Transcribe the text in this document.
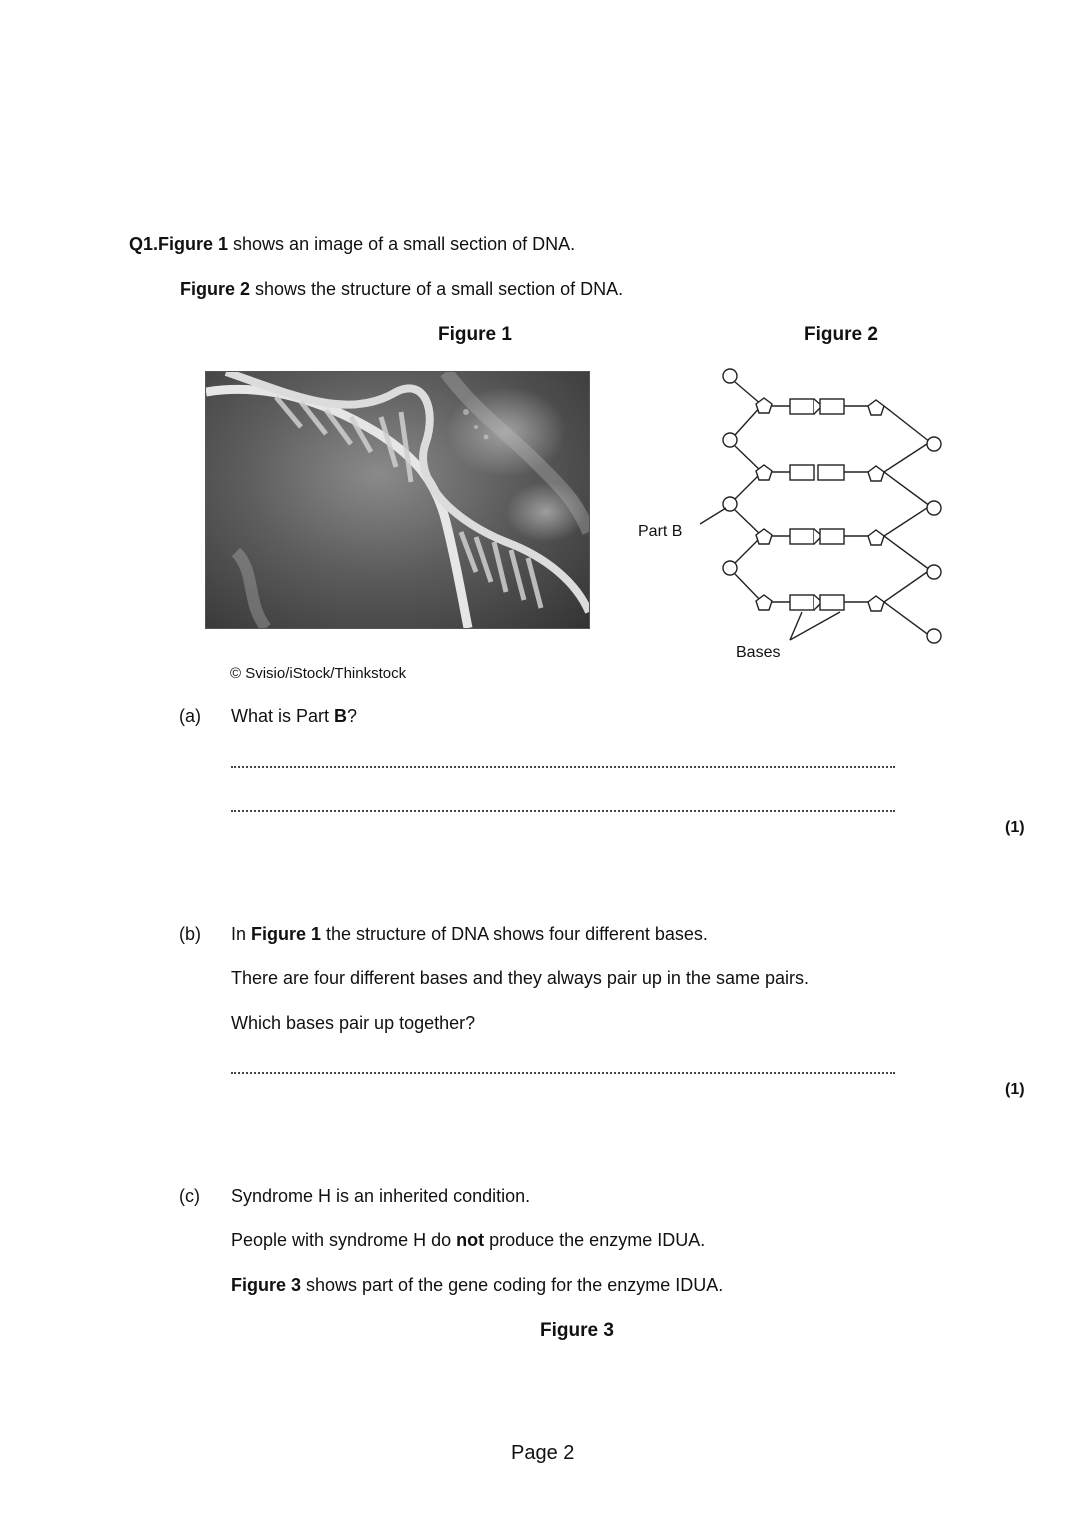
Q1.Figure 1 shows an image of a small section of DNA.
Figure 2 shows the structure of a small section of DNA.
Figure 1	Figure 2
© Svisio/iStock/Thinkstock
Part B
Bases
(a) What is Part B?
(1)
(b) In Figure 1 the structure of DNA shows four different bases.
There are four different bases and they always pair up in the same pairs.
Which bases pair up together?
(1)
(c) Syndrome H is an inherited condition.
People with syndrome H do not produce the enzyme IDUA.
Figure 3 shows part of the gene coding for the enzyme IDUA.
Figure 3
Page 2
